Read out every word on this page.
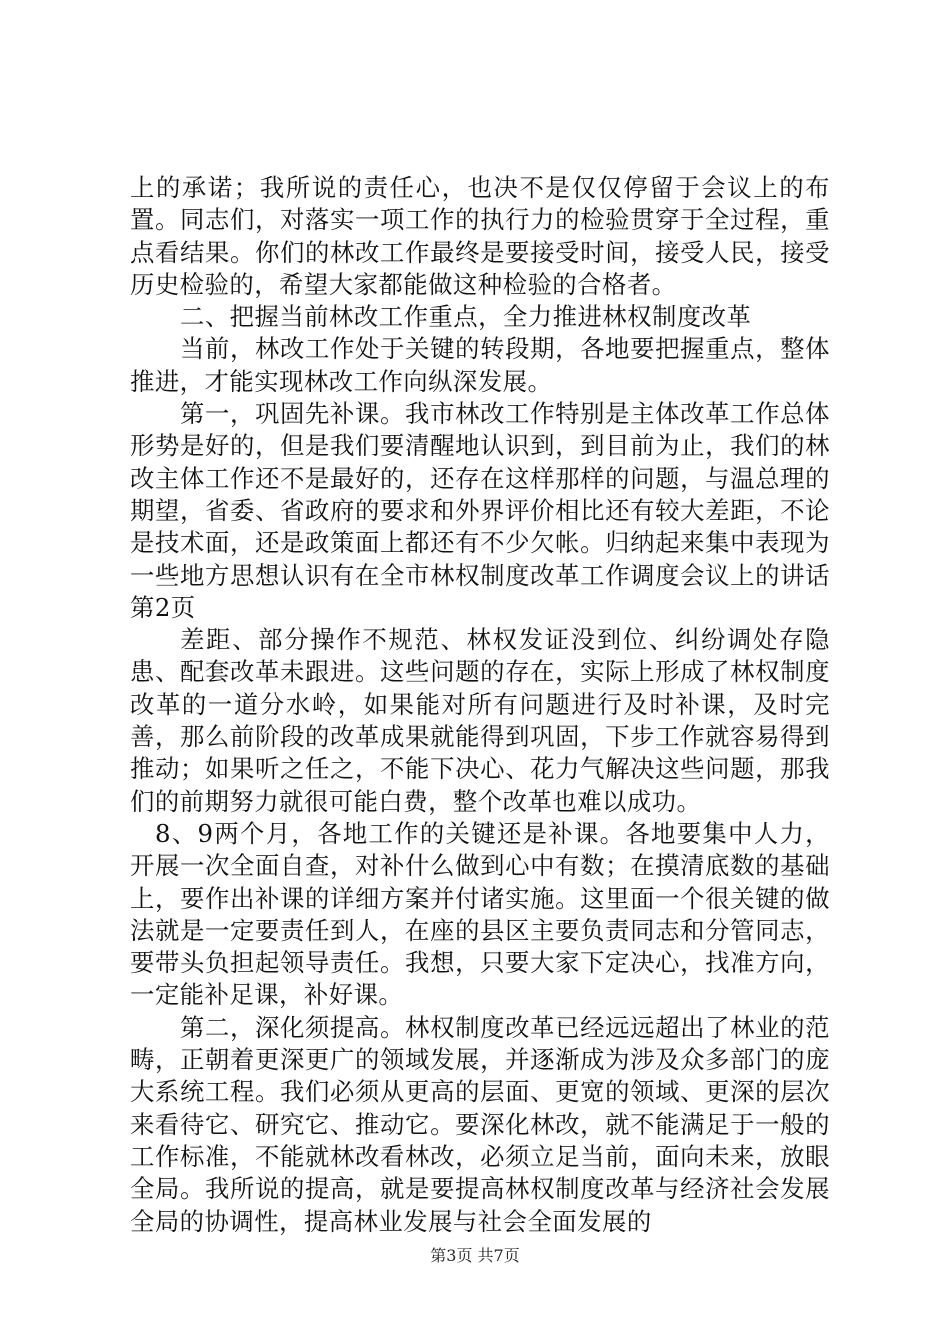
上的承诺；我所说的责任心，也决不是仅仅停留于会议上的布置。同志们，对落实一项工作的执行力的检验贯穿于全过程，重点看结果。你们的林改工作最终是要接受时间，接受人民，接受历史检验的，希望大家都能做这种检验的合格者。

二、把握当前林改工作重点，全力推进林权制度改革

当前，林改工作处于关键的转段期，各地要把握重点，整体推进，才能实现林改工作向纵深发展。

第一，巩固先补课。我市林改工作特别是主体改革工作总体形势是好的，但是我们要清醒地认识到，到目前为止，我们的林改主体工作还不是最好的，还存在这样那样的问题，与温总理的期望，省委、省政府的要求和外界评价相比还有较大差距，不论是技术面，还是政策面上都还有不少欠帐。归纳起来集中表现为一些地方思想认识有在全市林权制度改革工作调度会议上的讲话第2页

差距、部分操作不规范、林权发证没到位、纠纷调处存隐患、配套改革未跟进。这些问题的存在，实际上形成了林权制度改革的一道分水岭，如果能对所有问题进行及时补课，及时完善，那么前阶段的改革成果就能得到巩固，下步工作就容易得到推动；如果听之任之，不能下决心、花力气解决这些问题，那我们的前期努力就很可能白费，整个改革也难以成功。

8、9两个月，各地工作的关键还是补课。各地要集中人力，开展一次全面自查，对补什么做到心中有数；在摸清底数的基础上，要作出补课的详细方案并付诸实施。这里面一个很关键的做法就是一定要责任到人，在座的县区主要负责同志和分管同志，要带头负担起领导责任。我想，只要大家下定决心，找准方向，一定能补足课，补好课。

第二，深化须提高。林权制度改革已经远远超出了林业的范畴，正朝着更深更广的领域发展，并逐渐成为涉及众多部门的庞大系统工程。我们必须从更高的层面、更宽的领域、更深的层次来看待它、研究它、推动它。要深化林改，就不能满足于一般的工作标准，不能就林改看林改，必须立足当前，面向未来，放眼全局。我所说的提高，就是要提高林权制度改革与经济社会发展全局的协调性，提高林业发展与社会全面发展的

第3页 共7页
